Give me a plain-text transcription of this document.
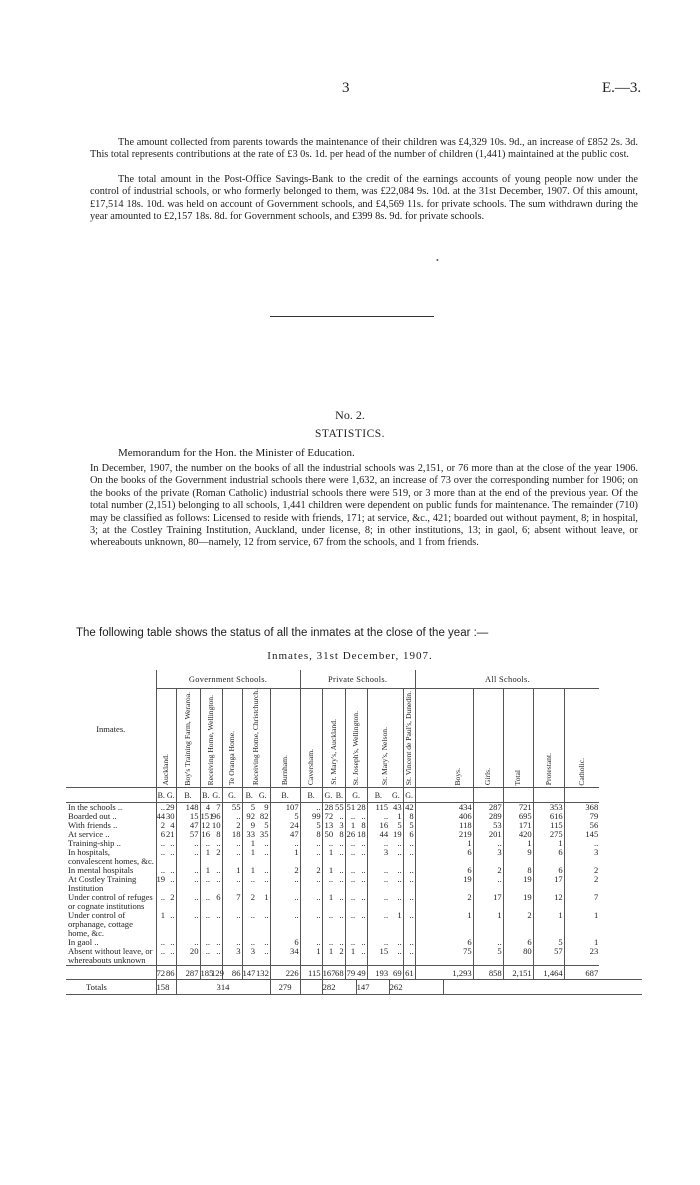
3	E.—3.

The amount collected from parents towards the maintenance of their children was £4,329 10s. 9d., an increase of £852 2s. 3d. This total represents contributions at the rate of £3 0s. 1d. per head of the number of children (1,441) maintained at the public cost.

The total amount in the Post-Office Savings-Bank to the credit of the earnings accounts of young people now under the control of industrial schools, or who formerly belonged to them, was £22,084 9s. 10d. at the 31st December, 1907. Of this amount, £17,514 18s. 10d. was held on account of Government schools, and £4,569 11s. for private schools. The sum withdrawn during the year amounted to £2,157 18s. 8d. for Government schools, and £399 8s. 9d. for private schools.

•
No. 2.
STATISTICS.
Memorandum for the Hon. the Minister of Education.

In December, 1907, the number on the books of all the industrial schools was 2,151, or 76 more than at the close of the year 1906. On the books of the Government industrial schools there were 1,632, an increase of 73 over the corresponding number for 1906; on the books of the private (Roman Catholic) industrial schools there were 519, or 3 more than at the end of the previous year. Of the total number (2,151) belonging to all schools, 1,441 children were dependent on public funds for maintenance. The remainder (710) may be classified as follows: Licensed to reside with friends, 171; at service, &c., 421; boarded out without payment, 8; in hospital, 3; at the Costley Training Institution, Auckland, under license, 8; in other institutions, 13; in gaol, 6; absent without leave, or whereabouts unknown, 80—namely, 12 from service, 67 from the schools, and 1 from friends.

The following table shows the status of all the inmates at the close of the year :—
Inmates, 31st December, 1907.
Inmates.	Government Schools.									Private Schools.								All Schools.					
	Auckland.		Boy's Training Farm, Weraroa.	Receiving Home, Wellington.		Te Oranga Home.	Receiving Home, Christchurch.		Burnham.	Caversham.	St. Mary's, Auckland.		St. Joseph's, Wellington.		St. Mary's, Nelson.		St. Vincent de Paul's, Dunedin.		Boys.	Girls.	Total	Protestant.	Catholic.
	B.	G.	B.	B.	G.	G.	B.	G.	B.	B.	G.	B.	G.		B.	G.	G.						
In the schools ..	..	29	148	4	7	55	5	9	107	..	28	55	51	28	115	43	42		434	287	721	353	368
Boarded out ..	44	30	15	151	96	..	92	82	5	99	72	..	..	..	..	1	8		406	289	695	616	79
With friends ..	2	4	47	12	10	2	9	5	24	5	13	3	1	8	16	5	5		118	53	171	115	56
At service ..	6	21	57	16	8	18	33	35	47	8	50	8	26	18	44	19	6		219	201	420	275	145
Training-ship ..	..	..	..	..	..	..	1	..	..	..	..	..	..	..	..	..	..		1	..	1	1	..
In hospitals, convalescent homes, &c.	..	..	..	1	2	..	1	..	1	..	1	..	..	..	3	..	..		6	3	9	6	3
In mental hospitals	..	..	..	1	..	1	1	..	2	2	1	..	..	..	..	..	..		6	2	8	6	2
At Costley Training Institution	19	..	..	..	..	..	..	..	..	..	..	..	..	..	..	..	..		19	..	19	17	2
Under control of refuges or cognate institutions	..	2	..	..	6	7	2	1	..	..	1	..	..	..	..	..	..		2	17	19	12	7
Under control of orphanage, cottage home, &c.	1	..	..	..	..	..	..	..	..	..	..	..	..	..	..	1	..		1	1	2	1	1
In gaol ..	..	..	..	..	..	..	..	..	6	..	..	..	..	..	..	..	..		6	..	6	5	1
Absent without leave, or whereabouts unknown	..	..	20	..	..	3	3	..	34	1	1	2	1	..	15	..	..		75	5	80	57	23
	72	86	287	185	129	86	147	132	226	115	167	68	79	49	193	69	61		1,293	858	2,151	1,464	687
Totals	158		314						279		282			147		262							
